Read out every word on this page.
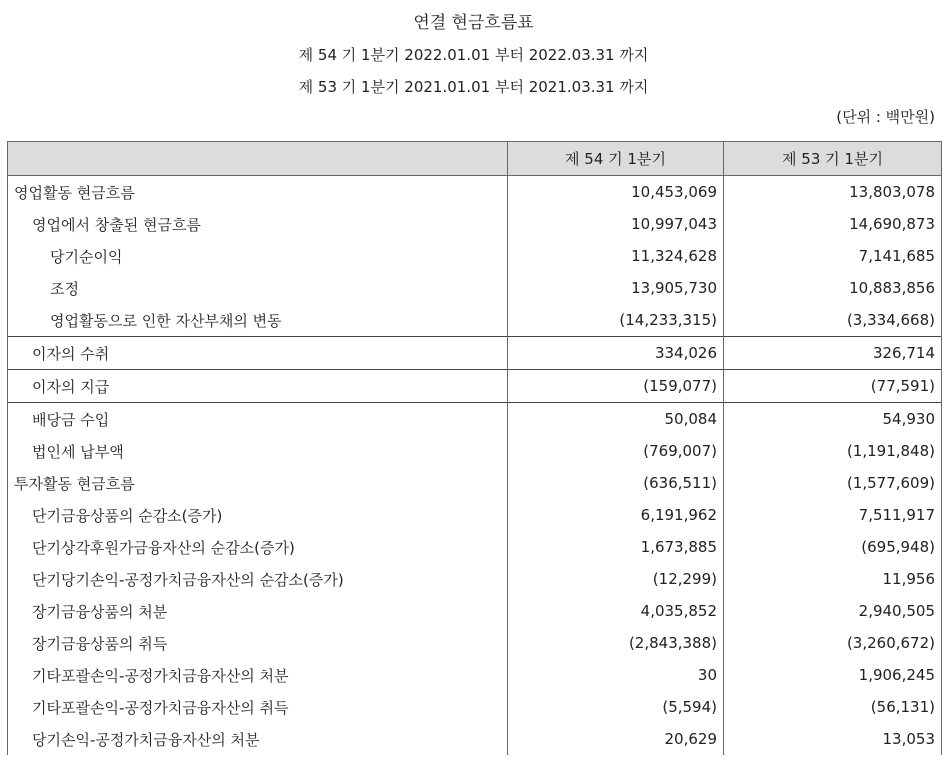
연결 현금흐름표
제 54 기 1분기 2022.01.01 부터 2022.03.31 까지
제 53 기 1분기 2021.01.01 부터 2021.03.31 까지
(단위 : 백만원)
	제 54 기 1분기	제 53 기 1분기
영업활동 현금흐름	10,453,069	13,803,078
영업에서 창출된 현금흐름	10,997,043	14,690,873
당기순이익	11,324,628	7,141,685
조정	13,905,730	10,883,856
영업활동으로 인한 자산부채의 변동	(14,233,315)	(3,334,668)
이자의 수취	334,026	326,714
이자의 지급	(159,077)	(77,591)
배당금 수입	50,084	54,930
법인세 납부액	(769,007)	(1,191,848)
투자활동 현금흐름	(636,511)	(1,577,609)
단기금융상품의 순감소(증가)	6,191,962	7,511,917
단기상각후원가금융자산의 순감소(증가)	1,673,885	(695,948)
단기당기손익-공정가치금융자산의 순감소(증가)	(12,299)	11,956
장기금융상품의 처분	4,035,852	2,940,505
장기금융상품의 취득	(2,843,388)	(3,260,672)
기타포괄손익-공정가치금융자산의 처분	30	1,906,245
기타포괄손익-공정가치금융자산의 취득	(5,594)	(56,131)
당기손익-공정가치금융자산의 처분	20,629	13,053
